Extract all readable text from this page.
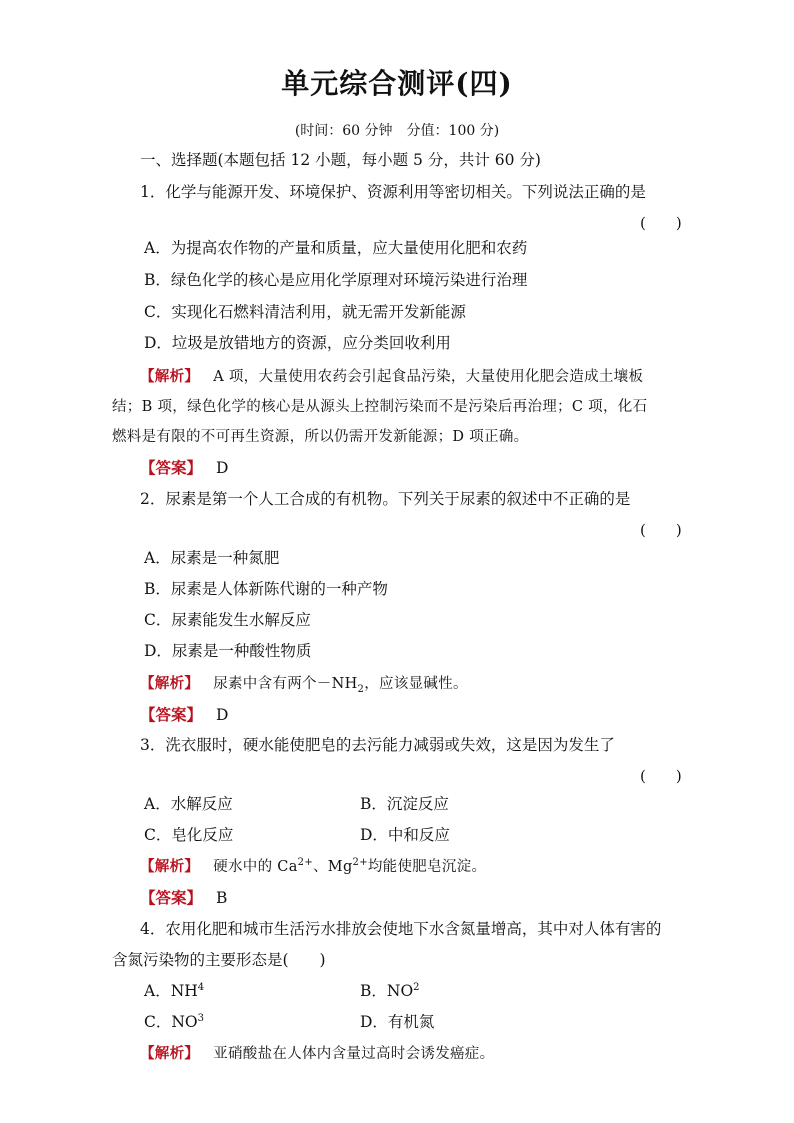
单元综合测评(四)
(时间：60 分钟　分值：100 分)
一、选择题(本题包括 12 小题，每小题 5 分，共计 60 分)
1．化学与能源开发、环境保护、资源利用等密切相关。下列说法正确的是
(　　)
A．为提高农作物的产量和质量，应大量使用化肥和农药
B．绿色化学的核心是应用化学原理对环境污染进行治理
C．实现化石燃料清洁利用，就无需开发新能源
D．垃圾是放错地方的资源，应分类回收利用
【解析】 A 项，大量使用农药会引起食品污染，大量使用化肥会造成土壤板
结；B 项，绿色化学的核心是从源头上控制污染而不是污染后再治理；C 项，化石
燃料是有限的不可再生资源，所以仍需开发新能源；D 项正确。
【答案】 D
2．尿素是第一个人工合成的有机物。下列关于尿素的叙述中不正确的是
(　　)
A．尿素是一种氮肥
B．尿素是人体新陈代谢的一种产物
C．尿素能发生水解反应
D．尿素是一种酸性物质
【解析】 尿素中含有两个$-NH_2$，应该显碱性。
【答案】 D
3．洗衣服时，硬水能使肥皂的去污能力减弱或失效，这是因为发生了
(　　)
A．水解反应	B．沉淀反应
C．皂化反应	D．中和反应
【解析】 硬水中的 $Ca^{2+}$、$Mg^{2+}$均能使肥皂沉淀。
【答案】 B
4．农用化肥和城市生活污水排放会使地下水含氮量增高，其中对人体有害的
含氮污染物的主要形态是(　　)
A．$NH^4$	B．$NO^2$
C．$NO^3$	D．有机氮
【解析】 亚硝酸盐在人体内含量过高时会诱发癌症。
